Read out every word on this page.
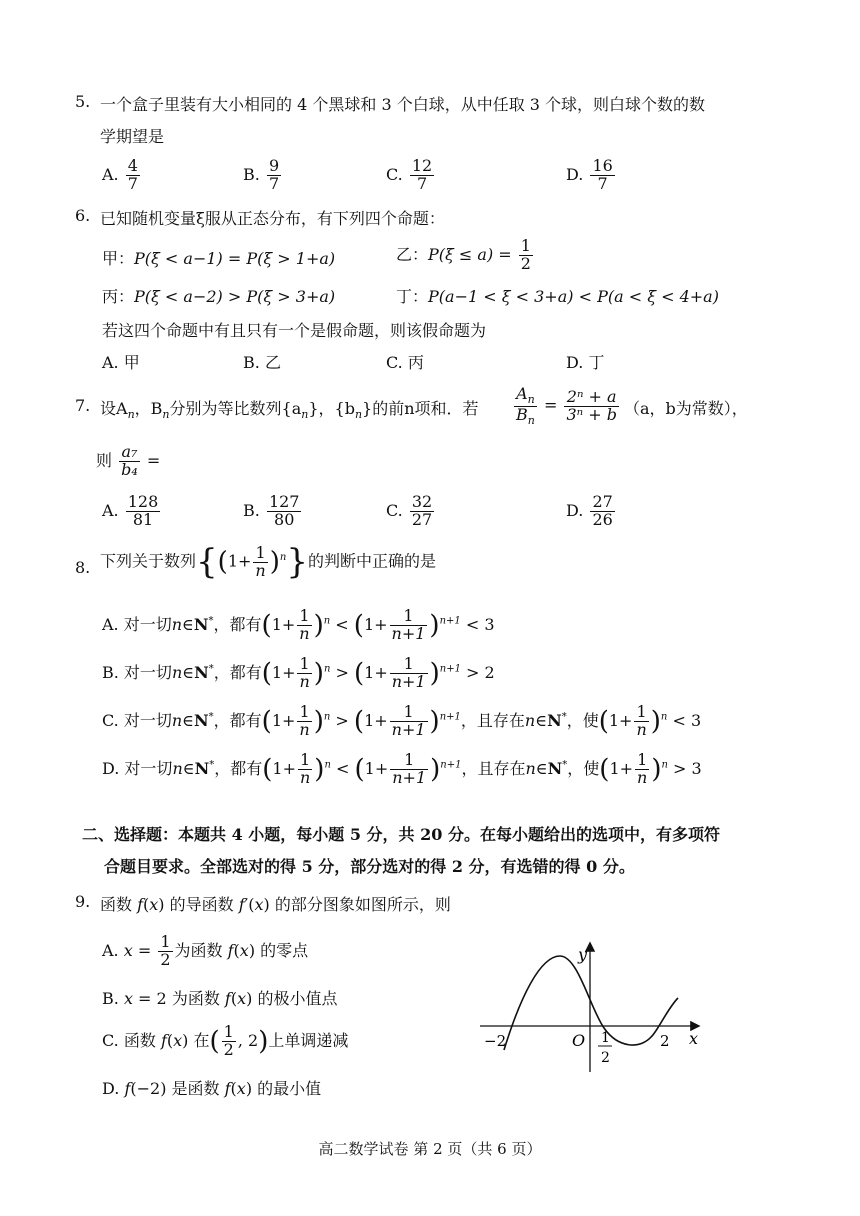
5. 一个盒子里装有大小相同的 4 个黑球和 3 个白球，从中任取 3 个球，则白球个数的数
学期望是
A. $\frac{4}{7}$	B. $\frac{9}{7}$	C. $\frac{12}{7}$	D. $\frac{16}{7}$
6. 已知随机变量ξ服从正态分布，有下列四个命题：
甲：P(ξ < a−1) = P(ξ > 1+a)	乙：$P(\xi \le a) = \frac{1}{2}$
丙：P(ξ < a−2) > P(ξ > 3+a)	丁：P(a−1 < ξ < 3+a) < P(a < ξ < 4+a)
若这四个命题中有且只有一个是假命题，则该假命题为
A. 甲	B. 乙	C. 丙	D. 丁
7. 设$A_n$，$B_n$分别为等比数列$\{a_n\}$，$\{b_n\}$的前n项和．若 $\frac{A_n}{B_n} = \frac{\text{2ⁿ + a}}{\text{3ⁿ + b}} (a$，b为常数），
则 $\frac{\text{a₇}}{\text{b₄}}$ =
A. $\frac{128}{81}$	B. $\frac{127}{80}$	C. $\frac{32}{27}$	D. $\frac{27}{26}$
8. 下列关于数列$\{(1+ \frac{1}{n} )^n\}$的判断中正确的是
A. 对一切n∈N*，都有$(1+ \frac{1}{n} )^n < (1+ \frac{1}{n+1} )^{n+1} < 3$
B. 对一切n∈N*，都有$(1+ \frac{1}{n} )^n > (1+ \frac{1}{n+1} )^{n+1} > 2$
C. 对一切n∈N*，都有$(1+ \frac{1}{n} )^n > (1+ \frac{1}{n+1} )^{n+1}$，且存在n∈N*，使$(1+ \frac{1}{n} )^n < 3$
D. 对一切n∈N*，都有$(1+ \frac{1}{n} )^n < (1+ \frac{1}{n+1} )^{n+1}$，且存在n∈N*，使$(1+ \frac{1}{n} )^n > 3$
二、选择题：本题共 4 小题，每小题 5 分，共 20 分。在每小题给出的选项中，有多项符
合题目要求。全部选对的得 5 分，部分选对的得 2 分，有选错的得 0 分。
9. 函数 f(x) 的导函数 f′(x) 的部分图象如图所示，则
A. $x = \frac{1}{2}$ 为函数 f(x) 的零点
B. x = 2 为函数 f(x) 的极小值点
C. 函数 f(x) 在( $\frac{1}{2}$ , 2)上单调递减
D. f(−2) 是函数 f(x) 的最小值
y
x
O
−2	1
2
2
高二数学试卷 第 2 页（共 6 页）
